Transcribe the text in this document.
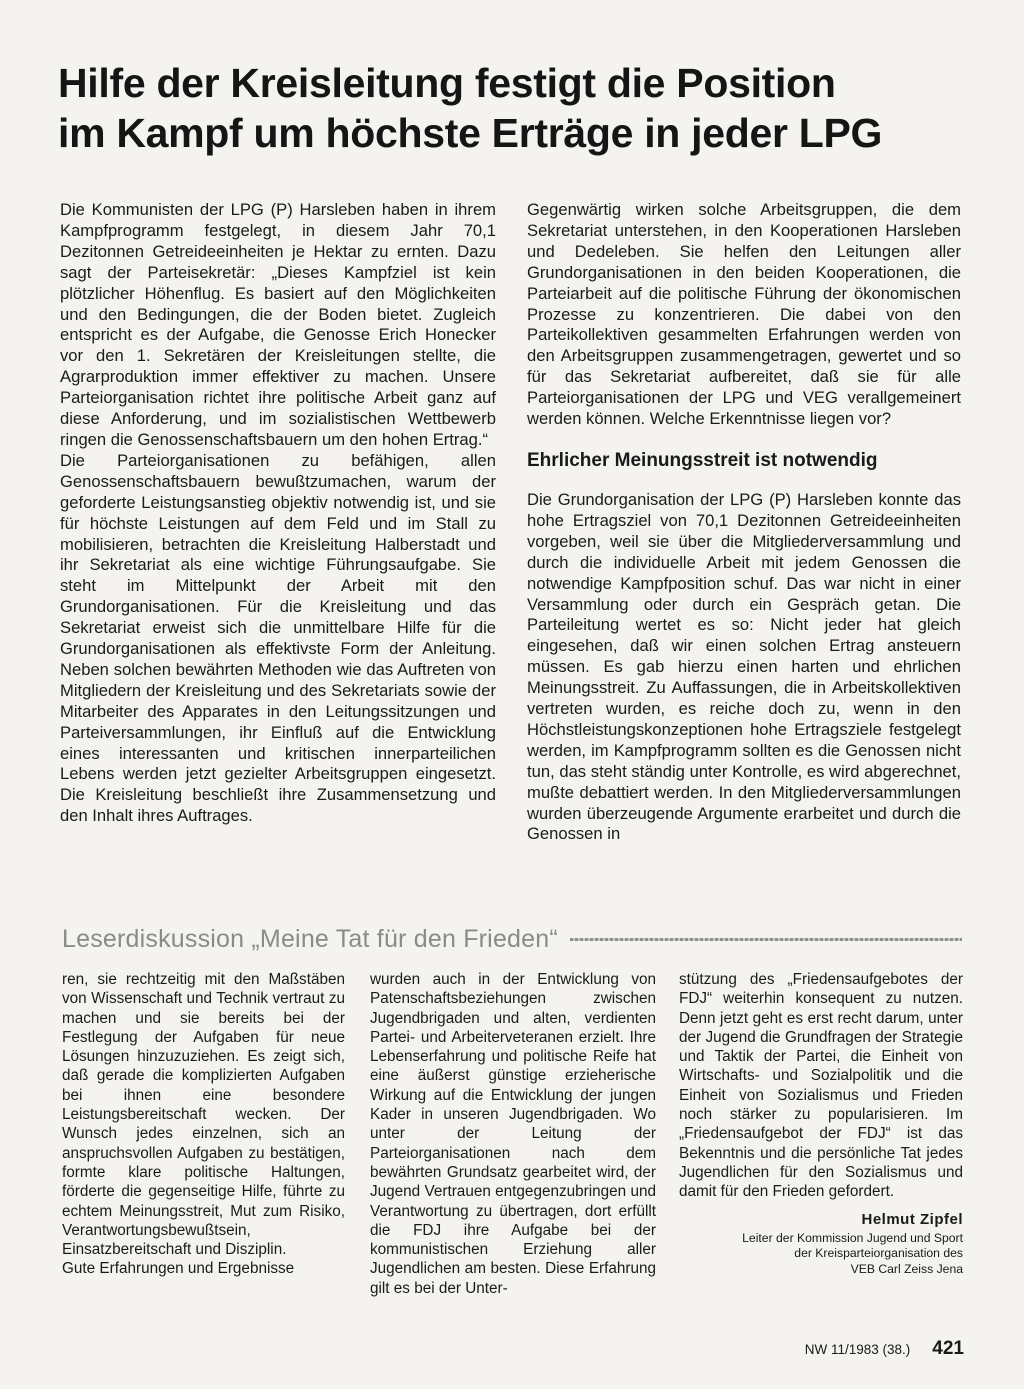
Hilfe der Kreisleitung festigt die Position
im Kampf um höchste Erträge in jeder LPG

Die Kommunisten der LPG (P) Harsleben haben in ihrem Kampfprogramm festgelegt, in diesem Jahr 70,1 Dezitonnen Getreideeinheiten je Hektar zu ernten. Dazu sagt der Parteisekretär: „Dieses Kampfziel ist kein plötzlicher Höhenflug. Es basiert auf den Möglichkeiten und den Bedingungen, die der Boden bietet. Zugleich entspricht es der Aufgabe, die Genosse Erich Honecker vor den 1. Sekretären der Kreisleitungen stellte, die Agrarproduktion immer effektiver zu machen. Unsere Parteiorganisation richtet ihre politische Arbeit ganz auf diese Anforderung, und im sozialistischen Wettbewerb ringen die Genossenschaftsbauern um den hohen Ertrag.“

Die Parteiorganisationen zu befähigen, allen Genossenschaftsbauern bewußtzumachen, warum der geforderte Leistungsanstieg objektiv notwendig ist, und sie für höchste Leistungen auf dem Feld und im Stall zu mobilisieren, betrachten die Kreisleitung Halberstadt und ihr Sekretariat als eine wichtige Führungsaufgabe. Sie steht im Mittelpunkt der Arbeit mit den Grundorganisationen. Für die Kreisleitung und das Sekretariat erweist sich die unmittelbare Hilfe für die Grundorganisationen als effektivste Form der Anleitung. Neben solchen bewährten Methoden wie das Auftreten von Mitgliedern der Kreisleitung und des Sekretariats sowie der Mitarbeiter des Apparates in den Leitungssitzungen und Parteiversammlungen, ihr Einfluß auf die Entwicklung eines interessanten und kritischen innerparteilichen Lebens werden jetzt gezielter Arbeitsgruppen eingesetzt. Die Kreisleitung beschließt ihre Zusammensetzung und den Inhalt ihres Auftrages.

Gegenwärtig wirken solche Arbeitsgruppen, die dem Sekretariat unterstehen, in den Kooperationen Harsleben und Dedeleben. Sie helfen den Leitungen aller Grundorganisationen in den beiden Kooperationen, die Parteiarbeit auf die politische Führung der ökonomischen Prozesse zu konzentrieren. Die dabei von den Parteikollektiven gesammelten Erfahrungen werden von den Arbeitsgruppen zusammengetragen, gewertet und so für das Sekretariat aufbereitet, daß sie für alle Parteiorganisationen der LPG und VEG verallgemeinert werden können. Welche Erkenntnisse liegen vor?

Ehrlicher Meinungsstreit ist notwendig

Die Grundorganisation der LPG (P) Harsleben konnte das hohe Ertragsziel von 70,1 Dezitonnen Getreideeinheiten vorgeben, weil sie über die Mitgliederversammlung und durch die individuelle Arbeit mit jedem Genossen die notwendige Kampfposition schuf. Das war nicht in einer Versammlung oder durch ein Gespräch getan. Die Parteileitung wertet es so: Nicht jeder hat gleich eingesehen, daß wir einen solchen Ertrag ansteuern müssen. Es gab hierzu einen harten und ehrlichen Meinungsstreit. Zu Auffassungen, die in Arbeitskollektiven vertreten wurden, es reiche doch zu, wenn in den Höchstleistungskonzeptionen hohe Ertragsziele festgelegt werden, im Kampfprogramm sollten es die Genossen nicht tun, das steht ständig unter Kontrolle, es wird abgerechnet, mußte debattiert werden. In den Mitgliederversammlungen wurden überzeugende Argumente erarbeitet und durch die Genossen in

Leserdiskussion „Meine Tat für den Frieden“

ren, sie rechtzeitig mit den Maßstäben von Wissenschaft und Technik vertraut zu machen und sie bereits bei der Festlegung der Aufgaben für neue Lösungen hinzuzuziehen. Es zeigt sich, daß gerade die komplizierten Aufgaben bei ihnen eine besondere Leistungsbereitschaft wecken. Der Wunsch jedes einzelnen, sich an anspruchsvollen Aufgaben zu bestätigen, formte klare politische Haltungen, förderte die gegenseitige Hilfe, führte zu echtem Meinungsstreit, Mut zum Risiko, Verantwortungsbewußtsein, Einsatzbereitschaft und Disziplin.

Gute Erfahrungen und Ergebnisse

wurden auch in der Entwicklung von Patenschaftsbeziehungen zwischen Jugendbrigaden und alten, verdienten Partei- und Arbeiterveteranen erzielt. Ihre Lebenserfahrung und politische Reife hat eine äußerst günstige erzieherische Wirkung auf die Entwicklung der jungen Kader in unseren Jugendbrigaden. Wo unter der Leitung der Parteiorganisationen nach dem bewährten Grundsatz gearbeitet wird, der Jugend Vertrauen entgegenzubringen und Verantwortung zu übertragen, dort erfüllt die FDJ ihre Aufgabe bei der kommunistischen Erziehung aller Jugendlichen am besten. Diese Erfahrung gilt es bei der Unter-

stützung des „Friedensaufgebotes der FDJ“ weiterhin konsequent zu nutzen. Denn jetzt geht es erst recht darum, unter der Jugend die Grundfragen der Strategie und Taktik der Partei, die Einheit von Wirtschafts- und Sozialpolitik und die Einheit von Sozialismus und Frieden noch stärker zu popularisieren. Im „Friedensaufgebot der FDJ“ ist das Bekenntnis und die persönliche Tat jedes Jugendlichen für den Sozialismus und damit für den Frieden gefordert.

Helmut Zipfel
Leiter der Kommission Jugend und Sport
der Kreisparteiorganisation des
VEB Carl Zeiss Jena
NW 11/1983 (38.) 421
